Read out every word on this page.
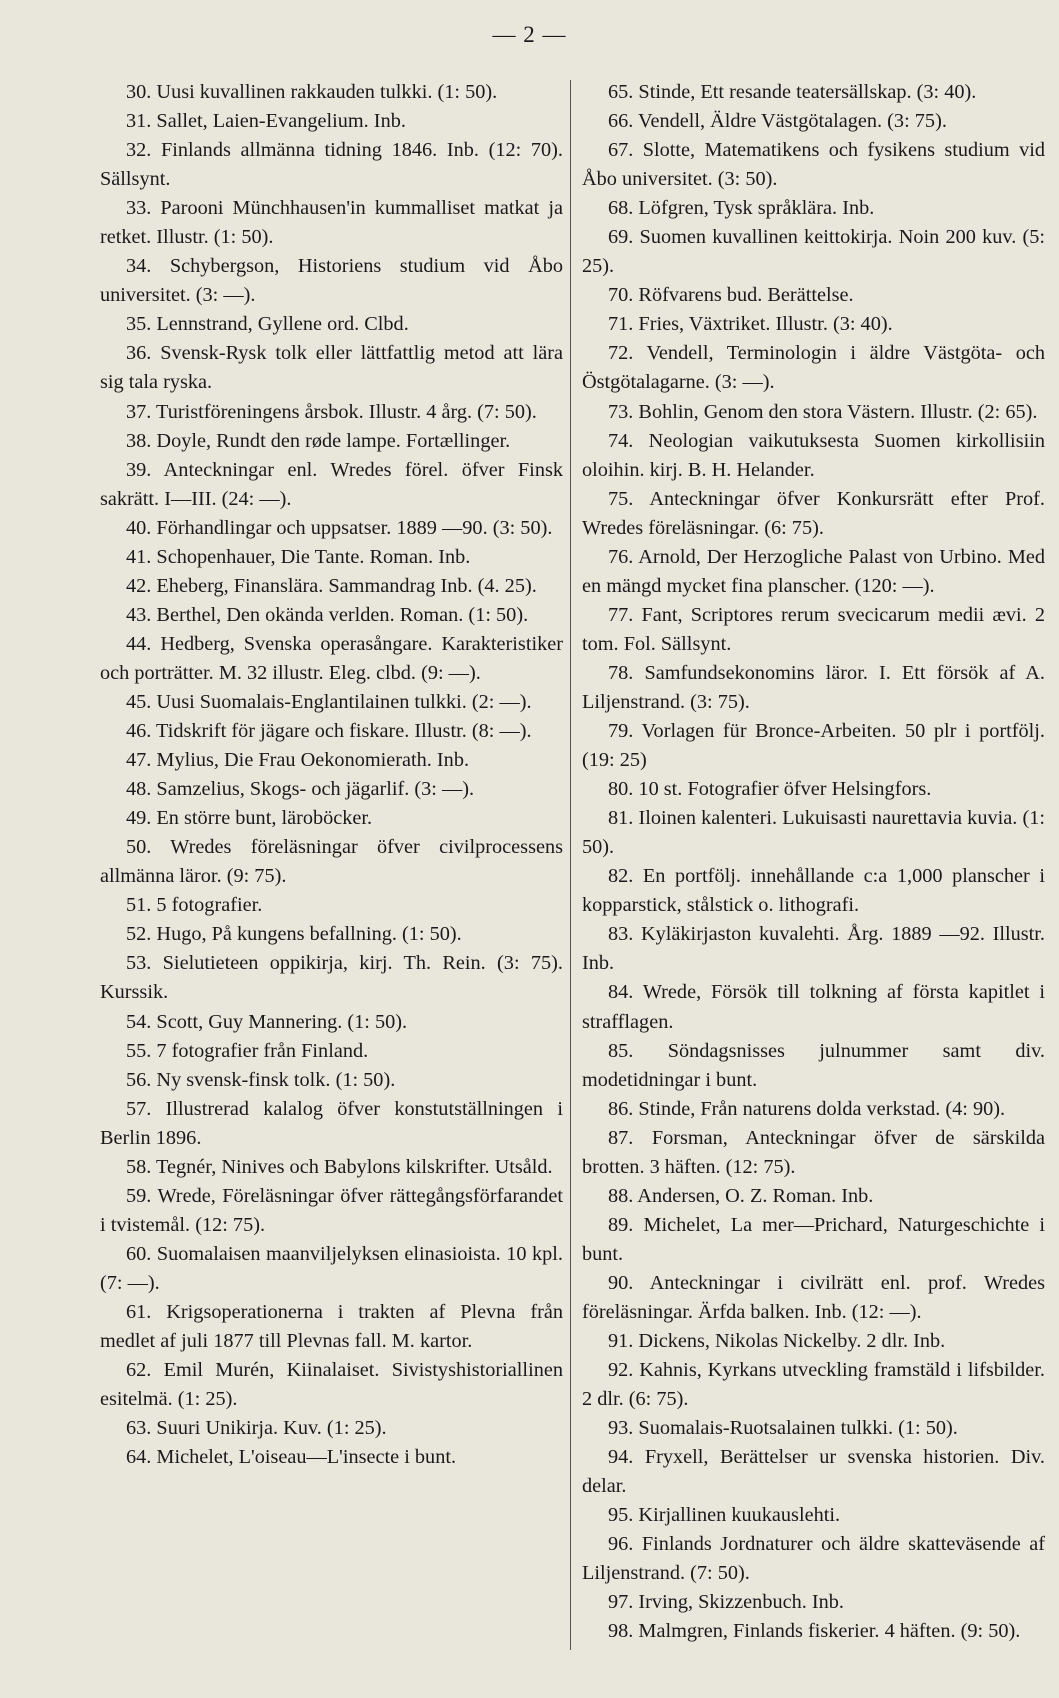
— 2 —
30. Uusi kuvallinen rakkauden tulkki. (1: 50).
31. Sallet, Laien-Evangelium. Inb.
32. Finlands allmänna tidning 1846. Inb. (12: 70). Sällsynt.
33. Parooni Münchhausen'in kummalliset matkat ja retket. Illustr. (1: 50).
34. Schybergson, Historiens studium vid Åbo universitet. (3: —).
35. Lennstrand, Gyllene ord. Clbd.
36. Svensk-Rysk tolk eller lättfattlig metod att lära sig tala ryska.
37. Turistföreningens årsbok. Illustr. 4 årg. (7: 50).
38. Doyle, Rundt den røde lampe. Fortællinger.
39. Anteckningar enl. Wredes förel. öfver Finsk sakrätt. I—III. (24: —).
40. Förhandlingar och uppsatser. 1889 —90. (3: 50).
41. Schopenhauer, Die Tante. Roman. Inb.
42. Eheberg, Finanslära. Sammandrag Inb. (4. 25).
43. Berthel, Den okända verlden. Roman. (1: 50).
44. Hedberg, Svenska operasångare. Karakteristiker och porträtter. M. 32 illustr. Eleg. clbd. (9: —).
45. Uusi Suomalais-Englantilainen tulkki. (2: —).
46. Tidskrift för jägare och fiskare. Illustr. (8: —).
47. Mylius, Die Frau Oekonomierath. Inb.
48. Samzelius, Skogs- och jägarlif. (3: —).
49. En större bunt, läroböcker.
50. Wredes föreläsningar öfver civilprocessens allmänna läror. (9: 75).
51. 5 fotografier.
52. Hugo, På kungens befallning. (1: 50).
53. Sielutieteen oppikirja, kirj. Th. Rein. (3: 75). Kurssik.
54. Scott, Guy Mannering. (1: 50).
55. 7 fotografier från Finland.
56. Ny svensk-finsk tolk. (1: 50).
57. Illustrerad kalalog öfver konstutställningen i Berlin 1896.
58. Tegnér, Ninives och Babylons kilskrifter. Utsåld.
59. Wrede, Föreläsningar öfver rättegångsförfarandet i tvistemål. (12: 75).
60. Suomalaisen maanviljelyksen elinasioista. 10 kpl. (7: —).
61. Krigsoperationerna i trakten af Plevna från medlet af juli 1877 till Plevnas fall. M. kartor.
62. Emil Murén, Kiinalaiset. Sivistyshistoriallinen esitelmä. (1: 25).
63. Suuri Unikirja. Kuv. (1: 25).
64. Michelet, L'oiseau—L'insecte i bunt.
65. Stinde, Ett resande teatersällskap. (3: 40).
66. Vendell, Äldre Västgötalagen. (3: 75).
67. Slotte, Matematikens och fysikens studium vid Åbo universitet. (3: 50).
68. Löfgren, Tysk språklära. Inb.
69. Suomen kuvallinen keittokirja. Noin 200 kuv. (5: 25).
70. Röfvarens bud. Berättelse.
71. Fries, Växtriket. Illustr. (3: 40).
72. Vendell, Terminologin i äldre Västgöta- och Östgötalagarne. (3: —).
73. Bohlin, Genom den stora Västern. Illustr. (2: 65).
74. Neologian vaikutuksesta Suomen kirkollisiin oloihin. kirj. B. H. Helander.
75. Anteckningar öfver Konkursrätt efter Prof. Wredes föreläsningar. (6: 75).
76. Arnold, Der Herzogliche Palast von Urbino. Med en mängd mycket fina planscher. (120: —).
77. Fant, Scriptores rerum svecicarum medii ævi. 2 tom. Fol. Sällsynt.
78. Samfundsekonomins läror. I. Ett försök af A. Liljenstrand. (3: 75).
79. Vorlagen für Bronce-Arbeiten. 50 plr i portfölj. (19: 25)
80. 10 st. Fotografier öfver Helsingfors.
81. Iloinen kalenteri. Lukuisasti naurettavia kuvia. (1: 50).
82. En portfölj. innehållande c:a 1,000 planscher i kopparstick, stålstick o. lithografi.
83. Kyläkirjaston kuvalehti. Årg. 1889 —92. Illustr. Inb.
84. Wrede, Försök till tolkning af första kapitlet i strafflagen.
85. Söndagsnisses julnummer samt div. modetidningar i bunt.
86. Stinde, Från naturens dolda verkstad. (4: 90).
87. Forsman, Anteckningar öfver de särskilda brotten. 3 häften. (12: 75).
88. Andersen, O. Z. Roman. Inb.
89. Michelet, La mer—Prichard, Naturgeschichte i bunt.
90. Anteckningar i civilrätt enl. prof. Wredes föreläsningar. Ärfda balken. Inb. (12: —).
91. Dickens, Nikolas Nickelby. 2 dlr. Inb.
92. Kahnis, Kyrkans utveckling framstäld i lifsbilder. 2 dlr. (6: 75).
93. Suomalais-Ruotsalainen tulkki. (1: 50).
94. Fryxell, Berättelser ur svenska historien. Div. delar.
95. Kirjallinen kuukauslehti.
96. Finlands Jordnaturer och äldre skatteväsende af Liljenstrand. (7: 50).
97. Irving, Skizzenbuch. Inb.
98. Malmgren, Finlands fiskerier. 4 häften. (9: 50).
